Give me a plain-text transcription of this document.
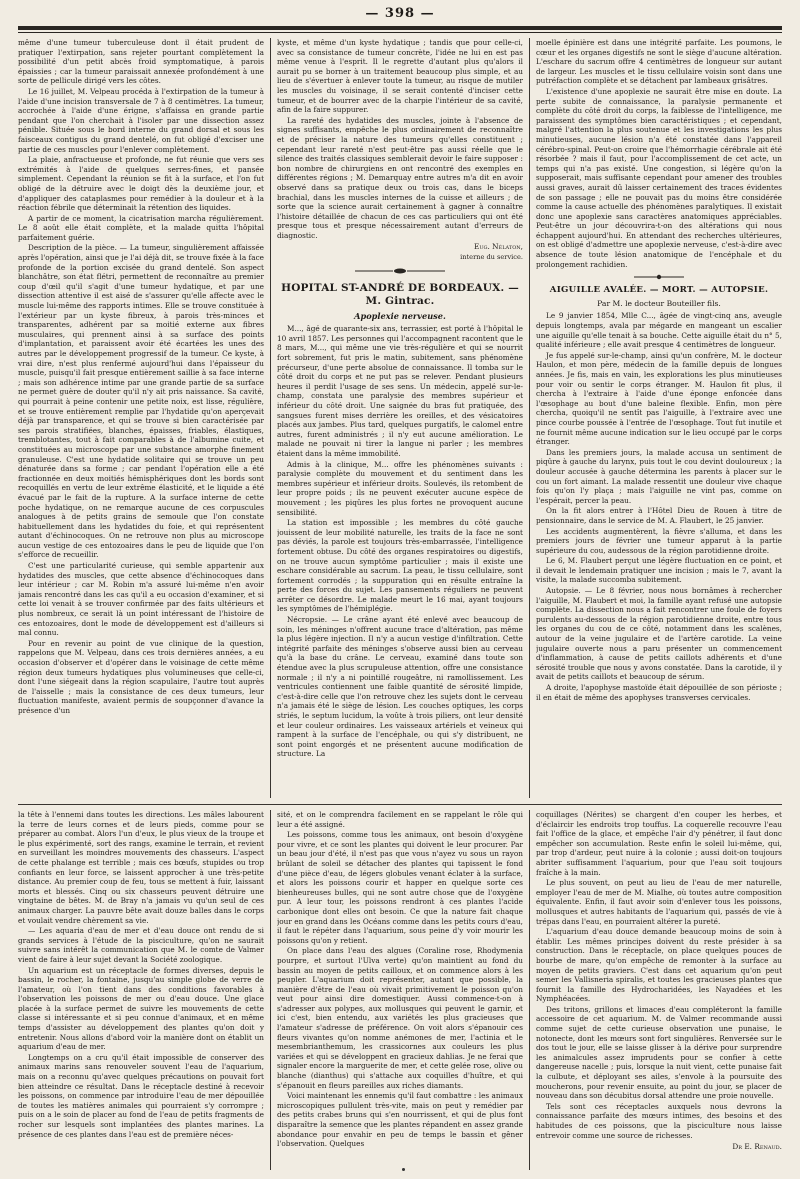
— 398 —

même d'une tumeur tuberculeuse dont il était prudent de pratiquer l'extirpation, sans rejeter pourtant complètement la possibilité d'un petit abcès froid symptomatique, à parois épaissies ; car la tumeur paraissait annexée profondément à une sorte de pellicule dirigé vers les côtes.

Le 16 juillet, M. Velpeau procéda à l'extirpation de la tumeur à l'aide d'une incision transversale de 7 à 8 centimètres. La tumeur, accrochée à l'aide d'une érigne, s'affaissa en grande partie pendant que l'on cherchait à l'isoler par une dissection assez pénible. Située sous le bord interne du grand dorsal et sous les faisceaux contigus du grand dentelé, on fut obligé d'exciser une partie de ces muscles pour l'enlever complètement.

La plaie, anfractueuse et profonde, ne fut réunie que vers ses extrémités à l'aide de quelques serres-fines, et pansée simplement. Cependant la réunion se fit à la surface, et l'on fut obligé de la détruire avec le doigt dès la deuxième jour, et d'appliquer des cataplasmes pour remédier à la douleur et à la réaction fébrile que déterminait la rétention des liquides.

A partir de ce moment, la cicatrisation marcha régulièrement. Le 8 août elle était complète, et la malade quitta l'hôpital parfaitement guérie.

Description de la pièce. — La tumeur, singulièrement affaissée après l'opération, ainsi que je l'ai déjà dit, se trouve fixée à la face profonde de la portion excisée du grand dentelé. Son aspect blanchâtre, son état flétri, permettent de reconnaître au premier coup d'œil qu'il s'agit d'une tumeur hydatique, et par une dissection attentive il est aisé de s'assurer qu'elle affecte avec le muscle lui-même des rapports intimes. Elle se trouve constituée à l'extérieur par un kyste fibreux, à parois très-minces et transparentes, adhérent par sa moitié externe aux fibres musculaires, qui prennent ainsi à sa surface des points d'implantation, et paraissent avoir été écartées les unes des autres par le développement progressif de la tumeur. Ce kyste, à vrai dire, n'est plus renfermé aujourd'hui dans l'épaisseur du muscle, puisqu'il fait presque entièrement saillie à sa face interne ; mais son adhérence intime par une grande partie de sa surface ne permet guère de douter qu'il n'y ait pris naissance. Sa cavité, qui pourrait à peine contenir une petite noix, est lisse, régulière, et se trouve entièrement remplie par l'hydatide qu'on aperçevait déjà par transparence, et qui se trouve si bien caractérisée par ses parois stratifiées, blanches, épaisses, friables, élastiques, tremblotantes, tout à fait comparables à de l'albumine cuite, et constituées au microscope par une substance amorphe finement granuleuse. C'est une hydatide solitaire qui se trouve un peu dénaturée dans sa forme ; car pendant l'opération elle a été fractionnée en deux moitiés hémisphériques dont les bords sont recoquillés en vertu de leur extrême élasticité, et le liquide a été évacué par le fait de la rupture. A la surface interne de cette poche hydatique, on ne remarque aucune de ces corpuscules analogues à de petits grains de semoule que l'on constate habituellement dans les hydatides du foie, et qui représentent autant d'échinocoques. On ne retrouve non plus au microscope aucun vestige de ces entozoaires dans le peu de liquide que l'on s'efforce de recueillir.

C'est une particularité curieuse, qui semble appartenir aux hydatides des muscles, que cette absence d'échinocoques dans leur intérieur ; car M. Robin m'a assuré lui-même n'en avoir jamais rencontré dans les cas qu'il a eu occasion d'examiner, et si cette loi venait à se trouver confirmée par des faits ultérieurs et plus nombreux, ce serait là un point intéressant de l'histoire de ces entozoaires, dont le mode de développement est d'ailleurs si mal connu.

Pour en revenir au point de vue clinique de la question, rappelons que M. Velpeau, dans ces trois dernières années, a eu occasion d'observer et d'opérer dans le voisinage de cette même région deux tumeurs hydatiques plus volumineuses que celle-ci, dont l'une siégeait dans la région scapulaire, l'autre tout auprès de l'aisselle ; mais la consistance de ces deux tumeurs, leur fluctuation manifeste, avaient permis de soupçonner d'avance la présence d'un

kyste, et même d'un kyste hydatique ; tandis que pour celle-ci, avec sa consistance de tumeur concrète, l'idée ne lui en est pas même venue à l'esprit. Il le regrette d'autant plus qu'alors il aurait pu se borner à un traitement beaucoup plus simple, et au lieu de s'évertuer à enlever toute la tumeur, au risque de mutiler les muscles du voisinage, il se serait contenté d'inciser cette tumeur, et de bourrer avec de la charpie l'intérieur de sa cavité, afin de la faire suppurer.

La rareté des hydatides des muscles, jointe à l'absence de signes suffisants, empêche le plus ordinairement de reconnaître et de préciser la nature des tumeurs qu'elles constituent ; cependant leur rareté n'est peut-être pas aussi réelle que le silence des traités classiques semblerait devoir le faire supposer : bon nombre de chirurgiens en ont rencontré des exemples en différentes régions ; M. Demarquay entre autres m'a dit en avoir observé dans sa pratique deux ou trois cas, dans le biceps brachial, dans les muscles internes de la cuisse et ailleurs ; de sorte que la science aurait certainement à gagner à connaître l'histoire détaillée de chacun de ces cas particuliers qui ont été presque tous et presque nécessairement autant d'erreurs de diagnostic.

Eug. Nélaton,

interne du service.

HOPITAL ST-ANDRÉ DE BORDEAUX. — M. Gintrac.

Apoplexie nerveuse.

M..., âgé de quarante-six ans, terrassier, est porté à l'hôpital le 10 avril 1857. Les personnes qui l'accompagnent racontent que le 8 mars, M..., qui même une vie très-régulière et qui se nourrit fort sobrement, fut pris le matin, subitement, sans phénomène précurseur, d'une perte absolue de connaissance. Il tomba sur le côté droit du corps et ne put pas se relever. Pendant plusieurs heures il perdit l'usage de ses sens. Un médecin, appelé sur-le-champ, constata une paralysie des membres supérieur et inférieur du côté droit. Une saignée du bras fut pratiquée, des sangsues furent mises derrière les oreilles, et des vésicatoires placés aux jambes. Plus tard, quelques purgatifs, le calomel entre autres, furent administrés ; il n'y eut aucune amélioration. Le malade ne pouvait ni tirer la langue ni parler ; les membres étaient dans la même immobilité.

Admis à la clinique, M... offre les phénomènes suivants : paralysie complète du mouvement et du sentiment dans les membres supérieur et inférieur droits. Soulevés, ils retombent de leur propre poids ; ils ne peuvent exécuter aucune espèce de mouvement ; les piqûres les plus fortes ne provoquent aucune sensibilité.

La station est impossible ; les membres du côté gauche jouissent de leur mobilité naturelle, les traits de la face ne sont pas déviés, la parole est toujours très-embarrassée, l'intelligence fortement obtuse. Du côté des organes respiratoires ou digestifs, on ne trouve aucun symptôme particulier ; mais il existe une eschare considérable au sacrum. La peau, le tissu cellulaire, sont fortement corrodés ; la suppuration qui en résulte entraîne la perte des forces du sujet. Les pansements réguliers ne peuvent arrêter ce désordre. Le malade meurt le 16 mai, ayant toujours les symptômes de l'hémiplégie.

Nécropsie. — Le crâne ayant été enlevé avec beaucoup de soin, les méninges n'offrent aucune trace d'altération, pas même la plus légère injection. Il n'y a aucun vestige d'infiltration. Cette intégrité parfaite des méninges s'observe aussi bien au cerveau qu'à la base du crâne. Le cerveau, examiné dans toute son étendue avec la plus scrupuleuse attention, offre une consistance normale ; il n'y a ni pointillé rougeâtre, ni ramollissement. Les ventricules contiennent une faible quantité de sérosité limpide, c'est-à-dire celle que l'on retrouve chez les sujets dont le cerveau n'a jamais été le siège de lésion. Les couches optiques, les corps striés, le septum lucidum, la voûte à trois piliers, ont leur densité et leur couleur ordinaires. Les vaisseaux artériels et veineux qui rampent à la surface de l'encéphale, ou qui s'y distribuent, ne sont point engorgés et ne présentent aucune modification de structure. La

moelle épinière est dans une intégrité parfaite. Les poumons, le cœur et les organes digestifs ne sont le siège d'aucune altération. L'eschare du sacrum offre 4 centimètres de longueur sur autant de largeur. Les muscles et le tissu cellulaire voisin sont dans une putréfaction complète et se détachent par lambeaux grisâtres.

L'existence d'une apoplexie ne saurait être mise en doute. La perte subite de connaissance, la paralysie permanente et complète du côté droit du corps, la faiblesse de l'intelligence, me paraissent des symptômes bien caractéristiques ; et cependant, malgré l'attention la plus soutenue et les investigations les plus minutieuses, aucune lésion n'a été constatée dans l'appareil cérébro-spinal. Peut-on croire que l'hémorrhagie cérébrale ait été résorbée ? mais il faut, pour l'accomplissement de cet acte, un temps qui n'a pas existé. Une congestion, si légère qu'on la supposerait, mais suffisante cependant pour amener des troubles aussi graves, aurait dû laisser certainement des traces évidentes de son passage ; elle ne pouvait pas du moins être considérée comme la cause actuelle des phénomènes paralytiques. Il existait donc une apoplexie sans caractères anatomiques appréciables. Peut-être un jour découvrira-t-on des altérations qui nous échappent aujourd'hui. En attendant des recherches ultérieures, on est obligé d'admettre une apoplexie nerveuse, c'est-à-dire avec absence de toute lésion anatomique de l'encéphale et du prolongement rachidien.

AIGUILLE AVALÉE. — MORT. — AUTOPSIE.

Par M. le docteur Bouteiller fils.

Le 9 janvier 1854, Mlle C..., âgée de vingt-cinq ans, aveugle depuis longtemps, avala par mégarde en mangeant un escalier une aiguille qu'elle tenait à sa bouche. Cette aiguille était du n° 5, qualité inférieure ; elle avait presque 4 centimètres de longueur.

Je fus appelé sur-le-champ, ainsi qu'un confrère, M. le docteur Haulon, et mon père, médecin de la famille depuis de longues années. Je fis, mais en vain, les explorations les plus minutieuses pour voir ou sentir le corps étranger. M. Haulon fit plus, il chercha à l'extraire à l'aide d'une éponge enfoncée dans l'œsophage au bout d'une baleine flexible. Enfin, mon père chercha, quoiqu'il ne sentît pas l'aiguille, à l'extraire avec une pince courbe poussée à l'entrée de l'œsophage. Tout fut inutile et ne fournit même aucune indication sur le lieu occupé par le corps étranger.

Dans les premiers jours, la malade accusa un sentiment de piqûre à gauche du larynx, puis tout le cou devint douloureux ; la douleur accusée à gauche détermina les parents à placer sur le cou un fort aimant. La malade ressentit une douleur vive chaque fois qu'on l'y plaça ; mais l'aiguille ne vint pas, comme on l'espérait, percer la peau.

On la fit alors entrer à l'Hôtel Dieu de Rouen à titre de pensionnaire, dans le service de M. A. Flaubert, le 25 janvier.

Les accidents augmentèrent, la fièvre s'alluma, et dans les premiers jours de février une tumeur apparut à la partie supérieure du cou, audessous de la région parotidienne droite.

Le 6, M. Flaubert perçut une légère fluctuation en ce point, et il devait le lendemain pratiquer une incision ; mais le 7, avant la visite, la malade succomba subitement.

Autopsie. — Le 8 février, nous nous bornâmes à rechercher l'aiguille, M. Flaubert et moi, la famille ayant refusé une autopsie complète. La dissection nous a fait rencontrer une foule de foyers purulents au-dessous de la région parotidienne droite, entre tous les organes du cou de ce côté, notamment dans les scalènes, autour de la veine jugulaire et de l'artère carotide. La veine jugulaire ouverte nous a paru présenter un commencement d'inflammation, à cause de petits caillots adhérents et d'une sérosité trouble que nous y avons constatée. Dans la carotide, il y avait de petits caillots et beaucoup de sérum.

A droite, l'apophyse mastoïde était dépouillée de son périoste ; il en était de même des apophyses transverses cervicales.

la tête à l'ennemi dans toutes les directions. Les mâles labourent la terre de leurs cornes et de leurs pieds, comme pour se préparer au combat. Alors l'un d'eux, le plus vieux de la troupe et le plus expérimenté, sort des rangs, examine le terrain, et revient en surveillant les moindres mouvements des chasseurs. L'aspect de cette phalange est terrible ; mais ces bœufs, stupides ou trop confiants en leur force, se laissent approcher à une très-petite distance. Au premier coup de feu, tous se mettent à fuir, laissant morts et blessés. Cinq ou six chasseurs peuvent détruire une vingtaine de bêtes. M. de Bray n'a jamais vu qu'un seul de ces animaux charger. La pauvre bête avait douze balles dans le corps et voulait vendre chèrement sa vie.

— Les aquaria d'eau de mer et d'eau douce ont rendu de si grands services à l'étude de la pisciculture, qu'on ne saurait suivre sans intérêt la communication que M. le comte de Valmer vient de faire à leur sujet devant la Société zoologique.

Un aquarium est un réceptacle de formes diverses, depuis le bassin, le rocher, la fontaine, jusqu'au simple globe de verre de l'amateur, où l'on tient dans des conditions favorables à l'observation les poissons de mer ou d'eau douce. Une glace placée à la surface permet de suivre les mouvements de cette classe si intéressante et si peu connue d'animaux, et en même temps d'assister au développement des plantes qu'on doit y entretenir. Nous allons d'abord voir la manière dont on établit un aquarium d'eau de mer.

Longtemps on a cru qu'il était impossible de conserver des animaux marins sans renouveler souvent l'eau de l'aquarium, mais on a reconnu qu'avec quelques précautions on pouvait fort bien atteindre ce résultat. Dans le réceptacle destiné à recevoir les poissons, on commence par introduire l'eau de mer dépouillée de toutes les matières animales qui pourraient s'y corrompre ; puis on a le soin de placer au fond de l'eau de petits fragments de rocher sur lesquels sont implantées des plantes marines. La présence de ces plantes dans l'eau est de première néces-

sité, et on le comprendra facilement en se rappelant le rôle qui leur a été assigné.

Les poissons, comme tous les animaux, ont besoin d'oxygène pour vivre, et ce sont les plantes qui doivent le leur procurer. Par un beau jour d'été, il n'est pas que vous n'ayez vu sous un rayon brûlant de soleil se détacher des plantes qui tapissent le fond d'une pièce d'eau, de légers globules venant éclater à la surface, et alors les poissons courir et happer en quelque sorte ces bienheureuses bulles, qui ne sont autre chose que de l'oxygène pur. A leur tour, les poissons rendront à ces plantes l'acide carbonique dont elles ont besoin. Ce que la nature fait chaque jour en grand dans les Océans comme dans les petits cours d'eau, il faut le répéter dans l'aquarium, sous peine d'y voir mourir les poissons qu'on y retient.

On place dans l'eau des algues (Coraline rose, Rhodymenia pourpre, et surtout l'Ulva verte) qu'on maintient au fond du bassin au moyen de petits cailloux, et on commence alors à les peupler. L'aquarium doit représenter, autant que possible, la manière d'être de l'eau où vivait primitivement le poisson qu'on veut pour ainsi dire domestiquer. Aussi commence-t-on à s'adresser aux polypes, aux mollusques qui peuvent le garnir, et ici c'est, bien entendu, aux variétés les plus gracieuses que l'amateur s'adresse de préférence. On voit alors s'épanouir ces fleurs vivantes qu'on nomme anémones de mer, l'actinia et le mesembrianthemum, les crassicornes aux couleurs les plus variées et qui se développent en gracieux dahlias. Je ne ferai que signaler encore la marguerite de mer, et cette gelée rose, olive ou blanche (dianthus) qui s'attache aux coquilles d'huître, et qui s'épanouit en fleurs pareilles aux riches diamants.

Voici maintenant les ennemis qu'il faut combattre : les animaux microscopiques pullulent très-vite, mais on peut y remédier par des petits crabes bruns qui s'en nourrissent, et qui de plus font disparaître la semence que les plantes répandent en assez grande abondance pour envahir en peu de temps le bassin et gêner l'observation. Quelques

coquillages (Nérites) se chargent d'en couper les herbes, et d'éclaircir les endroits trop touffus. La coquerelle recouvre l'eau fait l'office de la glace, et empêche l'air d'y pénétrer, il faut donc empêcher son accumulation. Reste enfin le soleil lui-même, qui, par trop d'ardeur, peut nuire à la colonie ; aussi doit-on toujours abriter suffisamment l'aquarium, pour que l'eau soit toujours fraîche à la main.

Le plus souvent, on peut au lieu de l'eau de mer naturelle, employer l'eau de mer de M. Mialhe, où toutes autre composition équivalente. Enfin, il faut avoir soin d'enlever tous les poissons, mollusques et autres habitants de l'aquarium qui, passés de vie à trépas dans l'eau, en pourraient altérer la pureté.

L'aquarium d'eau douce demande beaucoup moins de soin à établir. Les mêmes principes doivent du reste présider à sa construction. Dans le réceptacle, on place quelques pouces de bourbe de mare, qu'on empêche de remonter à la surface au moyen de petits graviers. C'est dans cet aquarium qu'on peut semer les Vallisneria spiralis, et toutes les gracieuses plantes que fournit la famille des Hydrocharidées, les Nayadées et les Nymphéacées.

Des tritons, grillons et limaces d'eau compléteront la famille accessoire de cet aquarium. M. de Valmer recommande aussi comme sujet de cette curieuse observation une punaise, le notonecte, dont les mœurs sont fort singulières. Renversée sur le dos tout le jour, elle se laisse glisser à la dérive pour surprendre les animalcules assez imprudents pour se confier à cette dangereuse nacelle ; puis, lorsque la nuit vient, cette punaise fait la culbute, et déployant ses ailes, s'envole à la poursuite des moucherons, pour revenir ensuite, au point du jour, se placer de nouveau dans son décubitus dorsal attendre une proie nouvelle.

Tels sont ces réceptacles auxquels nous devrons la connaissance parfaite des mœurs intimes, des besoins et des habitudes de ces poissons, que la pisciculture nous laisse entrevoir comme une source de richesses.

Dr E. Renaud.
